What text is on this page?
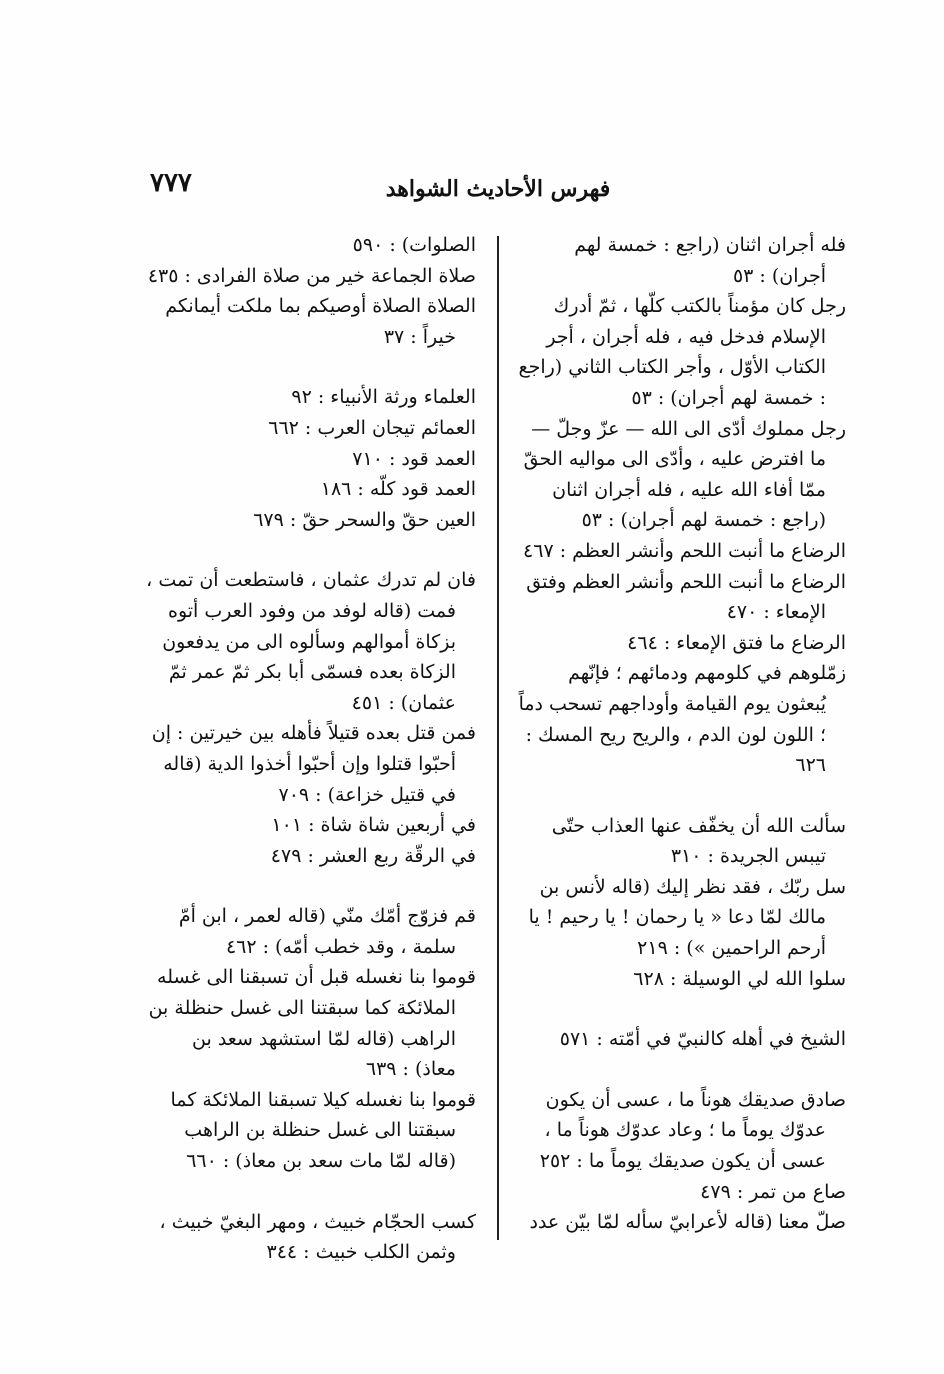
٧٧٧	فهرس الأحاديث الشواهد
فله أجران اثنان (راجع : خمسة لهم أجران) : ٥٣
رجل كان مؤمناً بالكتب كلّها ، ثمّ أدرك الإسلام فدخل فيه ، فله أجران ، أجر الكتاب الأوّل ، وأجر الكتاب الثاني (راجع : خمسة لهم أجران) : ٥٣
رجل مملوك أدّى الى الله — عزّ وجلّ — ما افترض عليه ، وأدّى الى مواليه الحقّ ممّا أفاء الله عليه ، فله أجران اثنان (راجع : خمسة لهم أجران) : ٥٣
الرضاع ما أنبت اللحم وأنشر العظم : ٤٦٧
الرضاع ما أنبت اللحم وأنشر العظم وفتق الإمعاء : ٤٧٠
الرضاع ما فتق الإمعاء : ٤٦٤
زمّلوهم في كلومهم ودمائهم ؛ فإنّهم يُبعثون يوم القيامة وأوداجهم تسحب دماً ؛ اللون لون الدم ، والريح ريح المسك : ٦٢٦
سألت الله أن يخفّف عنها العذاب حتّى تيبس الجريدة : ٣١٠
سل ربّك ، فقد نظر إليك (قاله لأنس بن مالك لمّا دعا « يا رحمان ! يا رحيم ! يا أرحم الراحمين ») : ٢١٩
سلوا الله لي الوسيلة : ٦٢٨
الشيخ في أهله كالنبيّ في أمّته : ٥٧١
صادق صديقك هوناً ما ، عسى أن يكون عدوّك يوماً ما ؛ وعاد عدوّك هوناً ما ، عسى أن يكون صديقك يوماً ما : ٢٥٢
صاع من تمر : ٤٧٩
صلّ معنا (قاله لأعرابيّ سأله لمّا بيّن عدد
الصلوات) : ٥٩٠
صلاة الجماعة خير من صلاة الفرادى : ٤٣٥
الصلاة الصلاة أوصيكم بما ملكت أيمانكم خيراً : ٣٧
العلماء ورثة الأنبياء : ٩٢
العمائم تيجان العرب : ٦٦٢
العمد قود : ٧١٠
العمد قود كلّه : ١٨٦
العين حقّ والسحر حقّ : ٦٧٩
فان لم تدرك عثمان ، فاستطعت أن تمت ، فمت (قاله لوفد من وفود العرب أتوه بزكاة أموالهم وسألوه الى من يدفعون الزكاة بعده فسمّى أبا بكر ثمّ عمر ثمّ عثمان) : ٤٥١
فمن قتل بعده قتيلاً فأهله بين خيرتين : إن أحبّوا قتلوا وإن أحبّوا أخذوا الدية (قاله في قتيل خزاعة) : ٧٠٩
في أربعين شاة شاة : ١٠١
في الرقّة ربع العشر : ٤٧٩
قم فزوّج أمّك منّي (قاله لعمر ، ابن أمّ سلمة ، وقد خطب أمّه) : ٤٦٢
قوموا بنا نغسله قبل أن تسبقنا الى غسله الملائكة كما سبقتنا الى غسل حنظلة بن الراهب (قاله لمّا استشهد سعد بن معاذ) : ٦٣٩
قوموا بنا نغسله كيلا تسبقنا الملائكة كما سبقتنا الى غسل حنظلة بن الراهب (قاله لمّا مات سعد بن معاذ) : ٦٦٠
كسب الحجّام خبيث ، ومهر البغيّ خبيث ، وثمن الكلب خبيث : ٣٤٤
